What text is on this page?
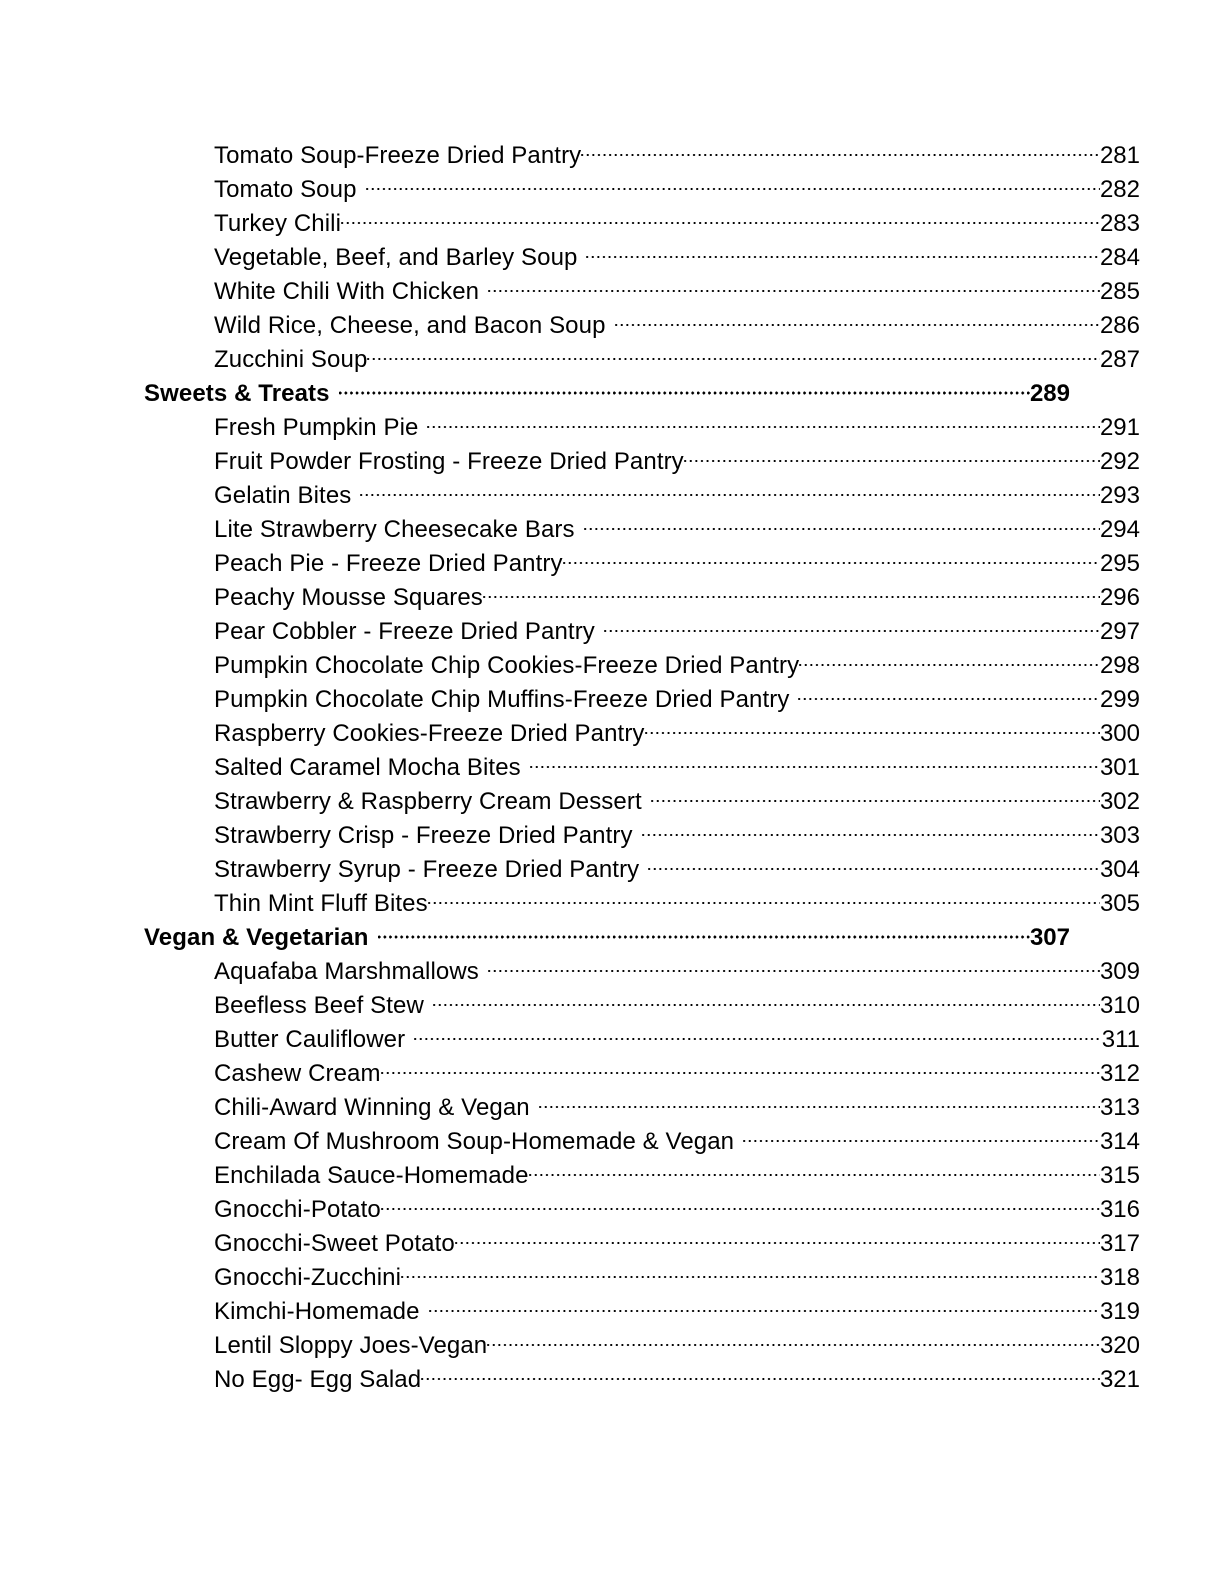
Tomato Soup-Freeze Dried Pantry	281
Tomato Soup	282
Turkey Chili	283
Vegetable, Beef, and Barley Soup	284
White Chili With Chicken	285
Wild Rice, Cheese, and Bacon Soup	286
Zucchini Soup	287
Sweets & Treats	289
Fresh Pumpkin Pie	291
Fruit Powder Frosting - Freeze Dried Pantry	292
Gelatin Bites	293
Lite Strawberry Cheesecake Bars	294
Peach Pie - Freeze Dried Pantry	295
Peachy Mousse Squares	296
Pear Cobbler - Freeze Dried Pantry	297
Pumpkin Chocolate Chip Cookies-Freeze Dried Pantry	298
Pumpkin Chocolate Chip Muffins-Freeze Dried Pantry	299
Raspberry Cookies-Freeze Dried Pantry	300
Salted Caramel Mocha Bites	301
Strawberry & Raspberry Cream Dessert	302
Strawberry Crisp - Freeze Dried Pantry	303
Strawberry Syrup - Freeze Dried Pantry	304
Thin Mint Fluff Bites	305
Vegan & Vegetarian	307
Aquafaba Marshmallows	309
Beefless Beef Stew	310
Butter Cauliflower	311
Cashew Cream	312
Chili-Award Winning & Vegan	313
Cream Of Mushroom Soup-Homemade & Vegan	314
Enchilada Sauce-Homemade	315
Gnocchi-Potato	316
Gnocchi-Sweet Potato	317
Gnocchi-Zucchini	318
Kimchi-Homemade	319
Lentil Sloppy Joes-Vegan	320
No Egg- Egg Salad	321
